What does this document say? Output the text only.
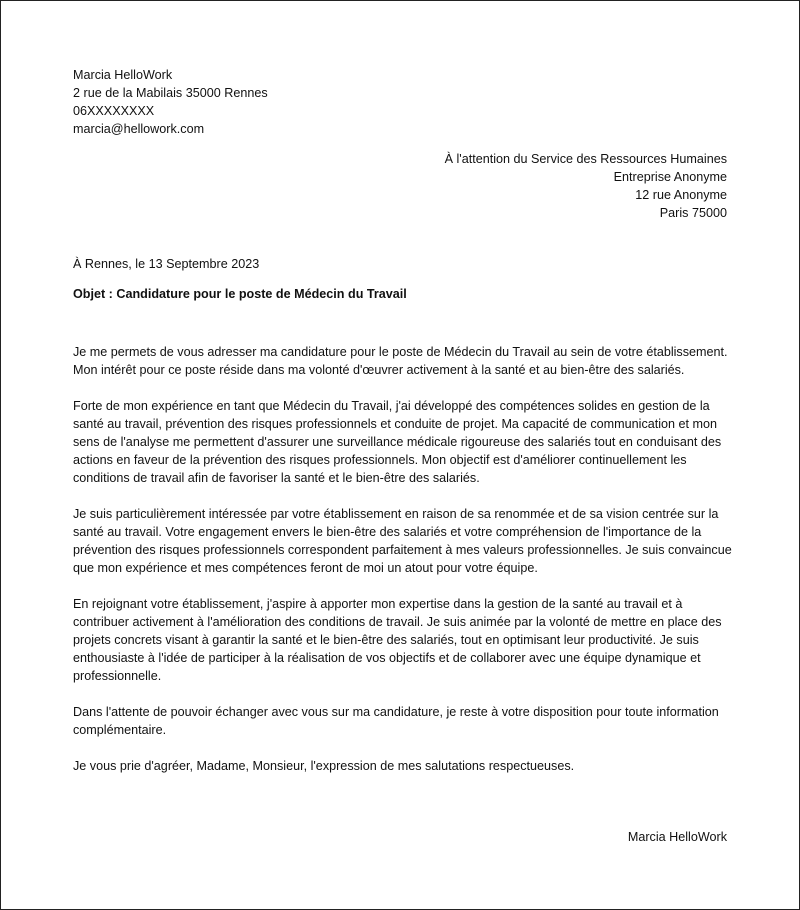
Marcia HelloWork
2 rue de la Mabilais 35000 Rennes
06XXXXXXXX
marcia@hellowork.com
À l'attention du Service des Ressources Humaines
Entreprise Anonyme
12 rue Anonyme
Paris 75000
À Rennes, le 13 Septembre 2023
Objet : Candidature pour le poste de Médecin du Travail

Je me permets de vous adresser ma candidature pour le poste de Médecin du Travail au sein de votre établissement. Mon intérêt pour ce poste réside dans ma volonté d'œuvrer activement à la santé et au bien-être des salariés.

Forte de mon expérience en tant que Médecin du Travail, j'ai développé des compétences solides en gestion de la santé au travail, prévention des risques professionnels et conduite de projet. Ma capacité de communication et mon sens de l'analyse me permettent d'assurer une surveillance médicale rigoureuse des salariés tout en conduisant des actions en faveur de la prévention des risques professionnels. Mon objectif est d'améliorer continuellement les conditions de travail afin de favoriser la santé et le bien-être des salariés.

Je suis particulièrement intéressée par votre établissement en raison de sa renommée et de sa vision centrée sur la santé au travail. Votre engagement envers le bien-être des salariés et votre compréhension de l'importance de la prévention des risques professionnels correspondent parfaitement à mes valeurs professionnelles. Je suis convaincue que mon expérience et mes compétences feront de moi un atout pour votre équipe.

En rejoignant votre établissement, j'aspire à apporter mon expertise dans la gestion de la santé au travail et à contribuer activement à l'amélioration des conditions de travail. Je suis animée par la volonté de mettre en place des projets concrets visant à garantir la santé et le bien-être des salariés, tout en optimisant leur productivité. Je suis enthousiaste à l'idée de participer à la réalisation de vos objectifs et de collaborer avec une équipe dynamique et professionnelle.

Dans l'attente de pouvoir échanger avec vous sur ma candidature, je reste à votre disposition pour toute information complémentaire.

Je vous prie d'agréer, Madame, Monsieur, l'expression de mes salutations respectueuses.

Marcia HelloWork
